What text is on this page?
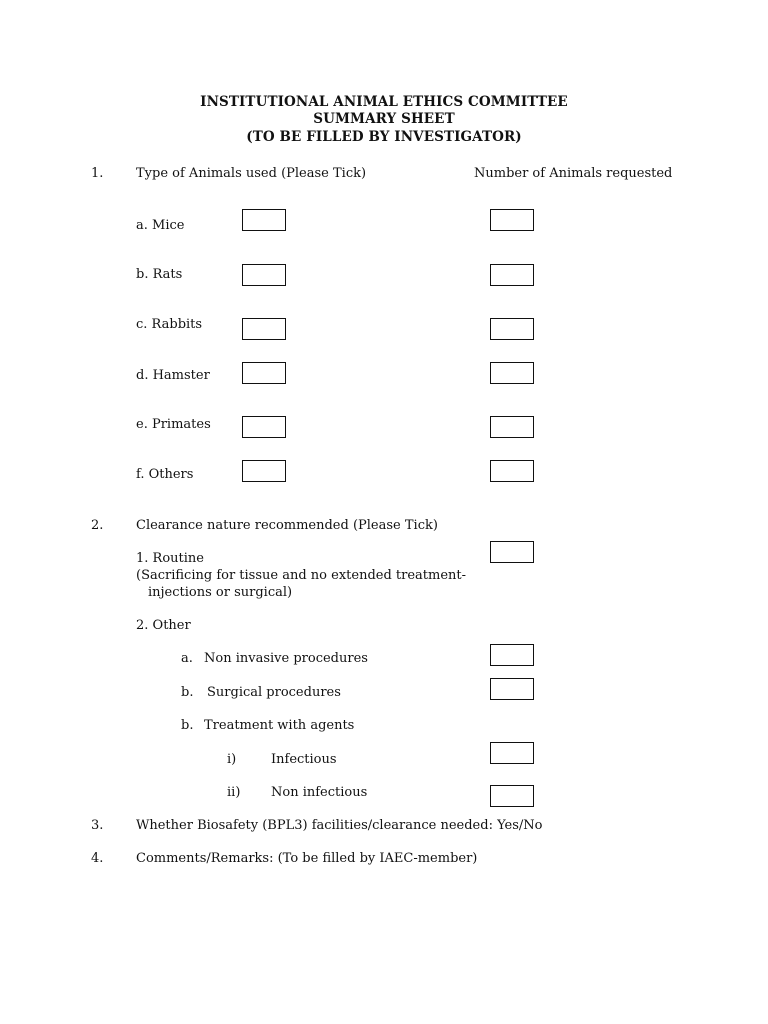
INSTITUTIONAL ANIMAL ETHICS COMMITTEE
SUMMARY SHEET
(TO BE FILLED BY INVESTIGATOR)
1.	Type of Animals used (Please Tick)	Number of Animals requested
a. Mice
b. Rats
c. Rabbits
d. Hamster
e. Primates
f. Others
2.	Clearance nature recommended (Please Tick)
1. Routine
(Sacrificing for tissue and no extended treatment-
injections or surgical)
2. Other
a. Non invasive procedures
b. Surgical procedures
b. Treatment with agents
i)	Infectious
ii) Non infectious
3.	Whether Biosafety (BPL3) facilities/clearance needed: Yes/No
4.	Comments/Remarks: (To be filled by IAEC-member)
